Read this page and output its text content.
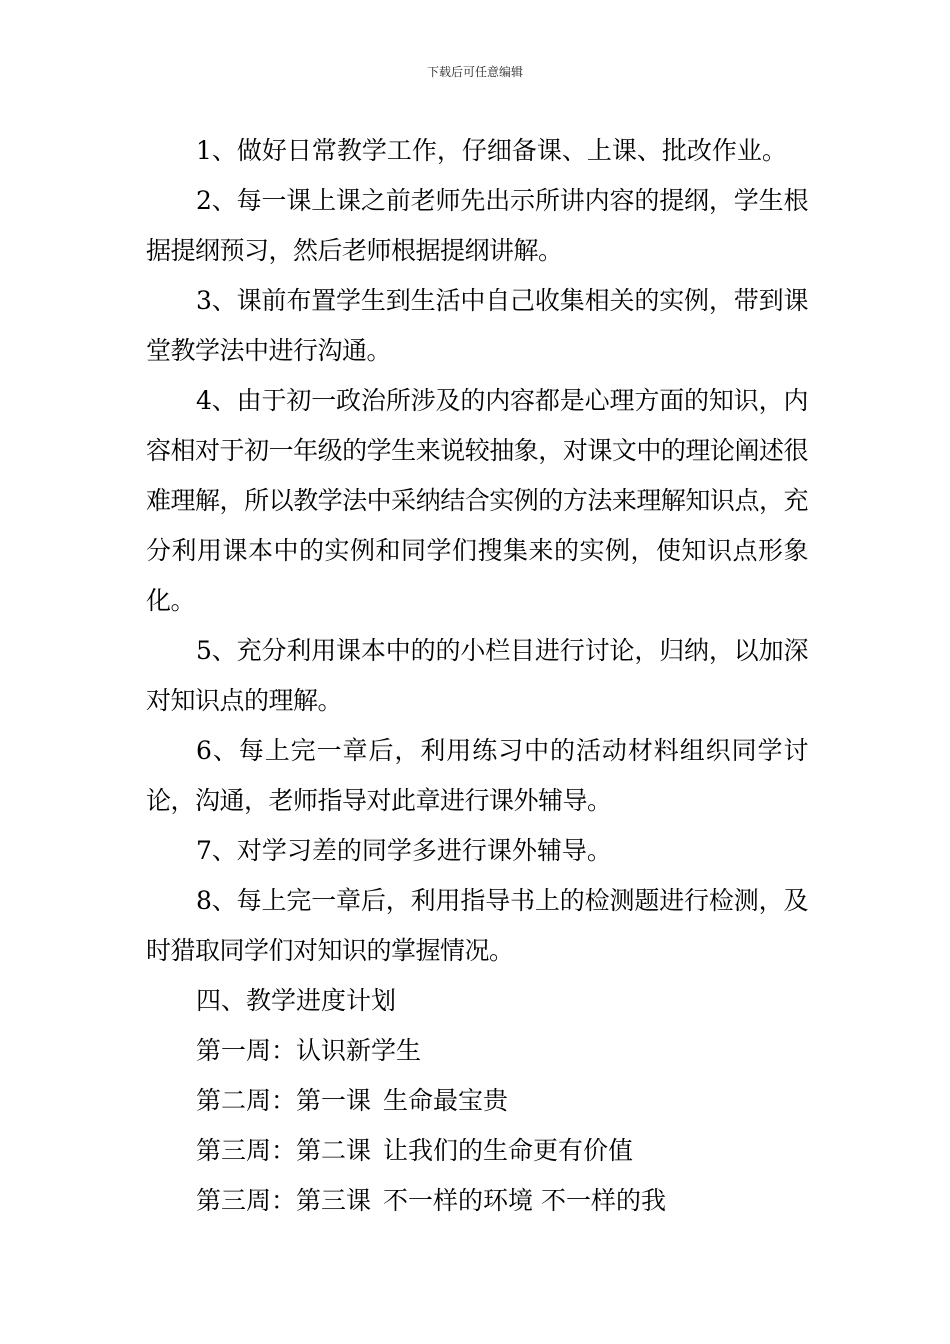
下载后可任意编辑

1、做好日常教学工作，仔细备课、上课、批改作业。

2、每一课上课之前老师先出示所讲内容的提纲，学生根据提纲预习，然后老师根据提纲讲解。

3、课前布置学生到生活中自己收集相关的实例，带到课堂教学法中进行沟通。

4、由于初一政治所涉及的内容都是心理方面的知识，内容相对于初一年级的学生来说较抽象，对课文中的理论阐述很难理解，所以教学法中采纳结合实例的方法来理解知识点，充分利用课本中的实例和同学们搜集来的实例，使知识点形象化。

5、充分利用课本中的的小栏目进行讨论，归纳，以加深对知识点的理解。

6、每上完一章后，利用练习中的活动材料组织同学讨论，沟通，老师指导对此章进行课外辅导。

7、对学习差的同学多进行课外辅导。

8、每上完一章后，利用指导书上的检测题进行检测，及时猎取同学们对知识的掌握情况。

四、教学进度计划

第一周：认识新学生

第二周：第一课 生命最宝贵

第三周：第二课 让我们的生命更有价值

第三周：第三课 不一样的环境 不一样的我
